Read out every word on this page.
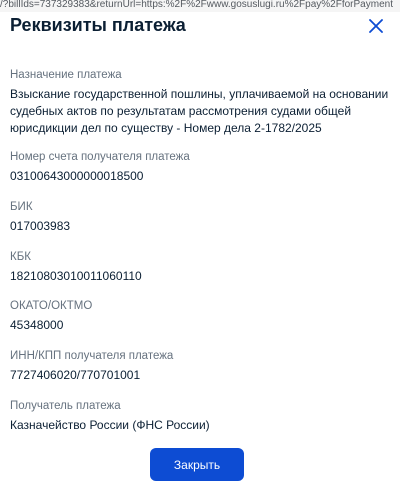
/?billIds=737329383&returnUrl=https:%2F%2Fwww.gosuslugi.ru%2Fpay%2FforPayment
Реквизиты платежа
Назначение платежа
Взыскание государственной пошлины, уплачиваемой на основании судебных актов по результатам рассмотрения судами общей юрисдикции дел по существу - Номер дела 2-1782/2025
Номер счета получателя платежа
03100643000000018500
БИК
017003983
КБК
18210803010011060110
ОКАТО/ОКТМО
45348000
ИНН/КПП получателя платежа
7727406020/770701001
Получатель платежа
Казначейство России (ФНС России)
Закрыть
